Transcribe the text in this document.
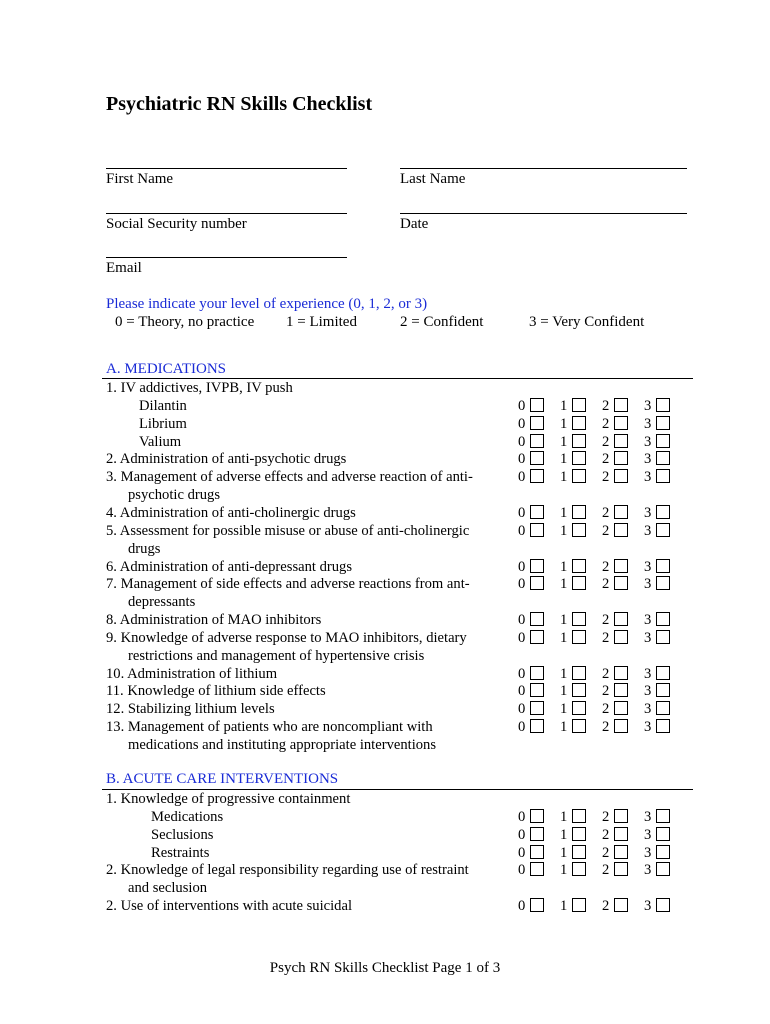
Psychiatric RN Skills Checklist
First Name	Last Name
Social Security number	Date
Email
Please indicate your level of experience (0, 1, 2, or 3)
0 = Theory, no practice 1 = Limited	2 = Confident	3 = Very Confident
A. MEDICATIONS
1. IV addictives, IVPB, IV push
Dilantin	0 1 2 3
Librium	0 1 2 3
Valium	0 1 2 3
2. Administration of anti-psychotic drugs	0 1 2 3
3. Management of adverse effects and adverse reaction of anti-	0 1 2 3
psychotic drugs
4. Administration of anti-cholinergic drugs	0 1 2 3
5. Assessment for possible misuse or abuse of anti-cholinergic	0 1 2 3
drugs
6. Administration of anti-depressant drugs	0 1 2 3
7. Management of side effects and adverse reactions from ant-	0 1 2 3
depressants
8. Administration of MAO inhibitors	0 1 2 3
9. Knowledge of adverse response to MAO inhibitors, dietary	0 1 2 3
restrictions and management of hypertensive crisis
10. Administration of lithium	0 1 2 3
11. Knowledge of lithium side effects	0 1 2 3
12. Stabilizing lithium levels	0 1 2 3
13. Management of patients who are noncompliant with	0 1 2 3
medications and instituting appropriate interventions
B. ACUTE CARE INTERVENTIONS
1. Knowledge of progressive containment
Medications	0 1 2 3
Seclusions	0 1 2 3
Restraints	0 1 2 3
2. Knowledge of legal responsibility regarding use of restraint	0 1 2 3
and seclusion
2. Use of interventions with acute suicidal	0 1 2 3
Psych RN Skills Checklist Page 1 of 3
